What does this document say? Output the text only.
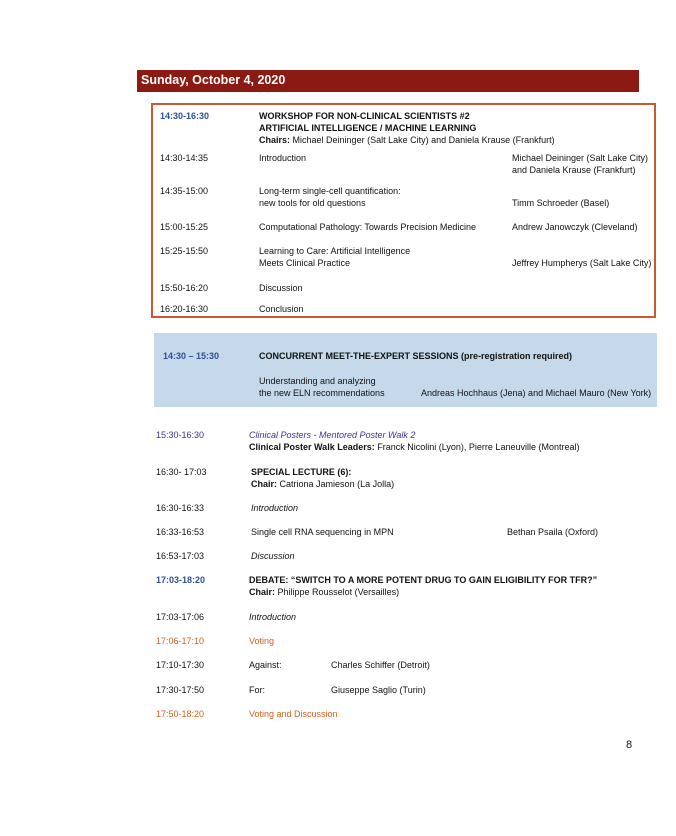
Sunday, October 4, 2020
14:30-16:30	WORKSHOP FOR NON-CLINICAL SCIENTISTS #2
ARTIFICIAL INTELLIGENCE / MACHINE LEARNING
Chairs: Michael Deininger (Salt Lake City) and Daniela Krause (Frankfurt)
14:30-14:35	Introduction	Michael Deininger (Salt Lake City)
and Daniela Krause (Frankfurt)
14:35-15:00	Long-term single-cell quantification:
new tools for old questions	Timm Schroeder (Basel)
15:00-15:25	Computational Pathology: Towards Precision Medicine	Andrew Janowczyk (Cleveland)
15:25-15:50	Learning to Care: Artificial Intelligence
Meets Clinical Practice	Jeffrey Humpherys (Salt Lake City)
15:50-16:20	Discussion
16:20-16:30	Conclusion
14:30 – 15:30	CONCURRENT MEET-THE-EXPERT SESSIONS (pre-registration required)
Understanding and analyzing
the new ELN recommendations	Andreas Hochhaus (Jena) and Michael Mauro (New York)
15:30-16:30	Clinical Posters - Mentored Poster Walk 2
Clinical Poster Walk Leaders: Franck Nicolini (Lyon), Pierre Laneuville (Montreal)
16:30- 17:03	SPECIAL LECTURE (6):
Chair: Catriona Jamieson (La Jolla)
16:30-16:33	Introduction
16:33-16:53	Single cell RNA sequencing in MPN	Bethan Psaila (Oxford)
16:53-17:03	Discussion
17:03-18:20	DEBATE: “SWITCH TO A MORE POTENT DRUG TO GAIN ELIGIBILITY FOR TFR?”
Chair: Philippe Rousselot (Versailles)
17:03-17:06	Introduction
17:06-17:10	Voting
17:10-17:30	Against:	Charles Schiffer (Detroit)
17:30-17:50	For:	Giuseppe Saglio (Turin)
17:50-18:20	Voting and Discussion
8
